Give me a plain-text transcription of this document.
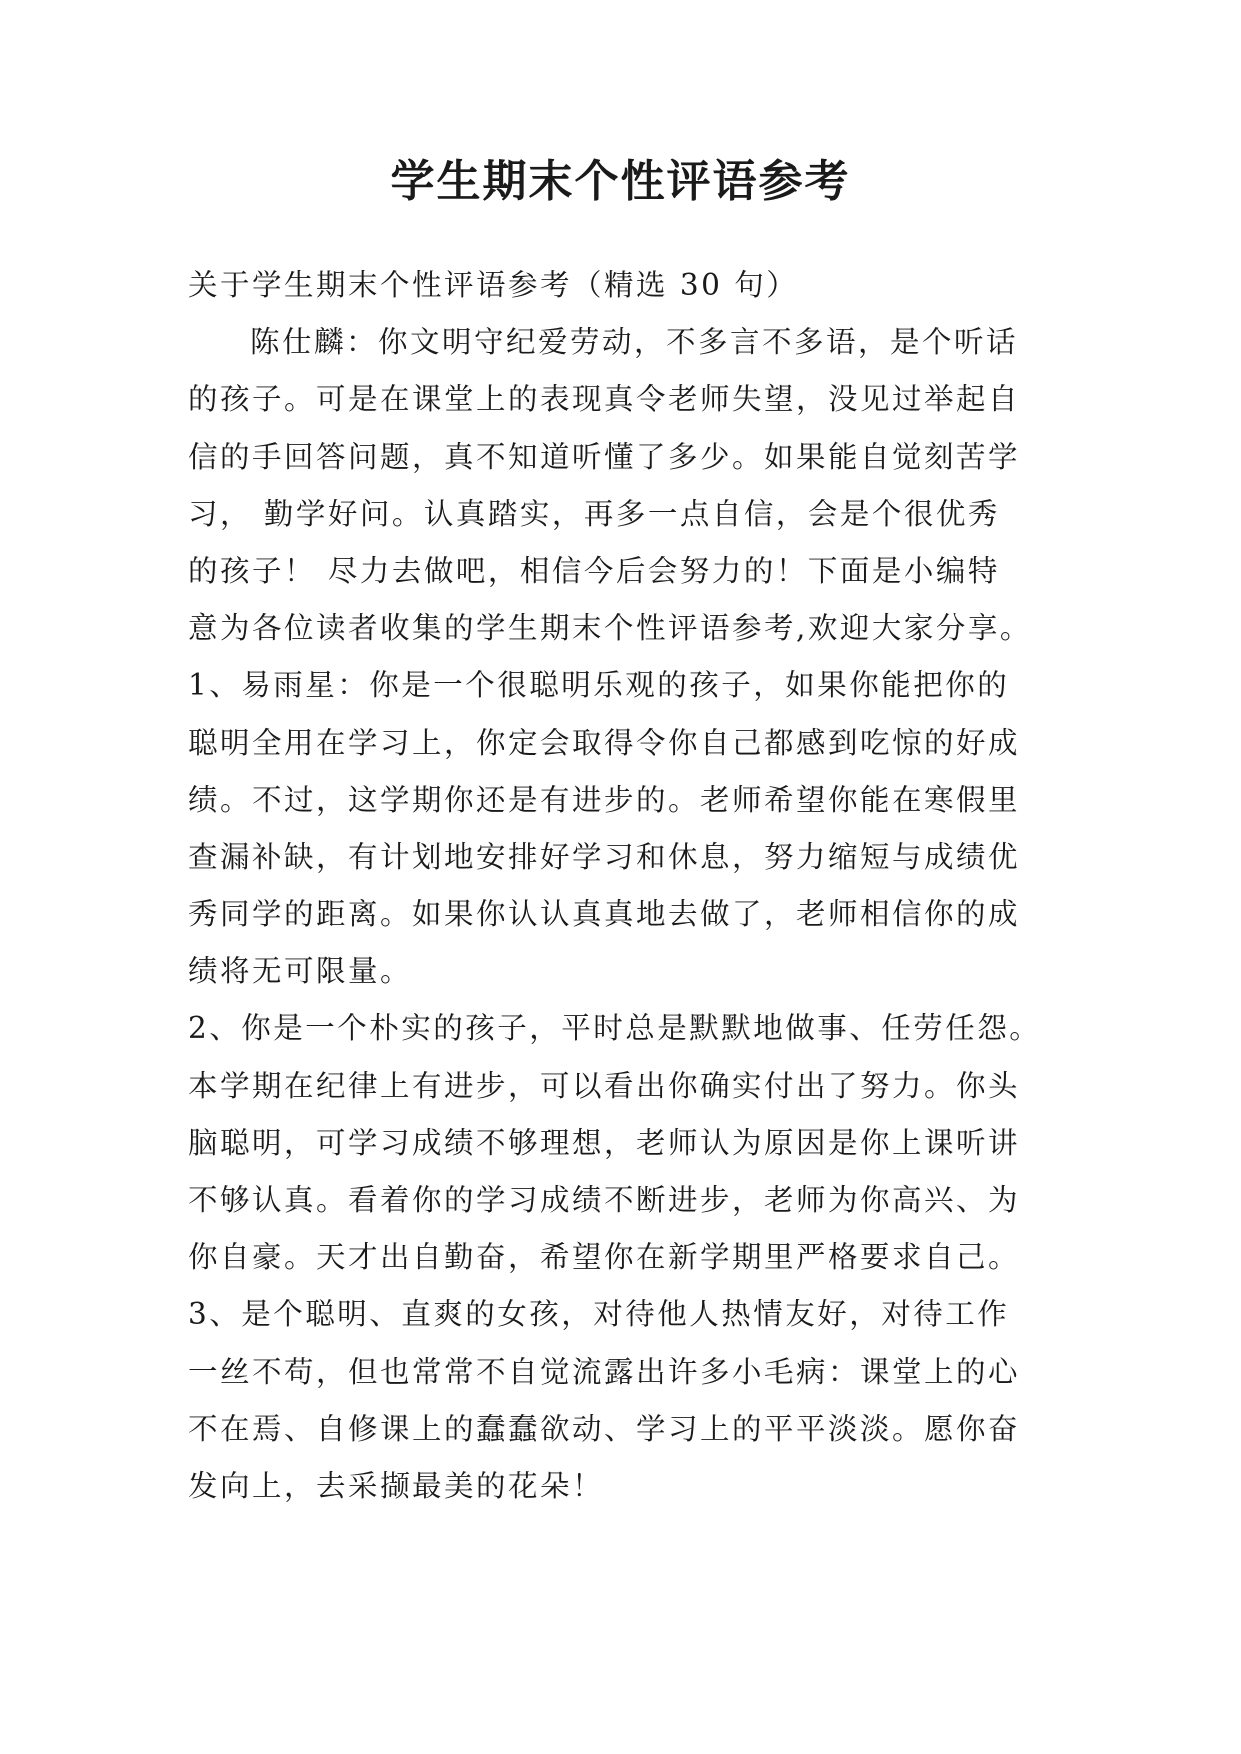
学生期末个性评语参考
关于学生期末个性评语参考（精选 30 句）
陈仕麟：你文明守纪爱劳动，不多言不多语，是个听话
的孩子。可是在课堂上的表现真令老师失望，没见过举起自
信的手回答问题，真不知道听懂了多少。如果能自觉刻苦学
习， 勤学好问。认真踏实，再多一点自信，会是个很优秀
的孩子！ 尽力去做吧，相信今后会努力的！下面是小编特
意为各位读者收集的学生期末个性评语参考,欢迎大家分享。
1、易雨星：你是一个很聪明乐观的孩子，如果你能把你的
聪明全用在学习上，你定会取得令你自己都感到吃惊的好成
绩。不过，这学期你还是有进步的。老师希望你能在寒假里
查漏补缺，有计划地安排好学习和休息，努力缩短与成绩优
秀同学的距离。如果你认认真真地去做了，老师相信你的成
绩将无可限量。
2、你是一个朴实的孩子，平时总是默默地做事、任劳任怨。
本学期在纪律上有进步，可以看出你确实付出了努力。你头
脑聪明，可学习成绩不够理想，老师认为原因是你上课听讲
不够认真。看着你的学习成绩不断进步，老师为你高兴、为
你自豪。天才出自勤奋，希望你在新学期里严格要求自己。
3、是个聪明、直爽的女孩，对待他人热情友好，对待工作
一丝不苟，但也常常不自觉流露出许多小毛病：课堂上的心
不在焉、自修课上的蠢蠢欲动、学习上的平平淡淡。愿你奋
发向上，去采撷最美的花朵！
